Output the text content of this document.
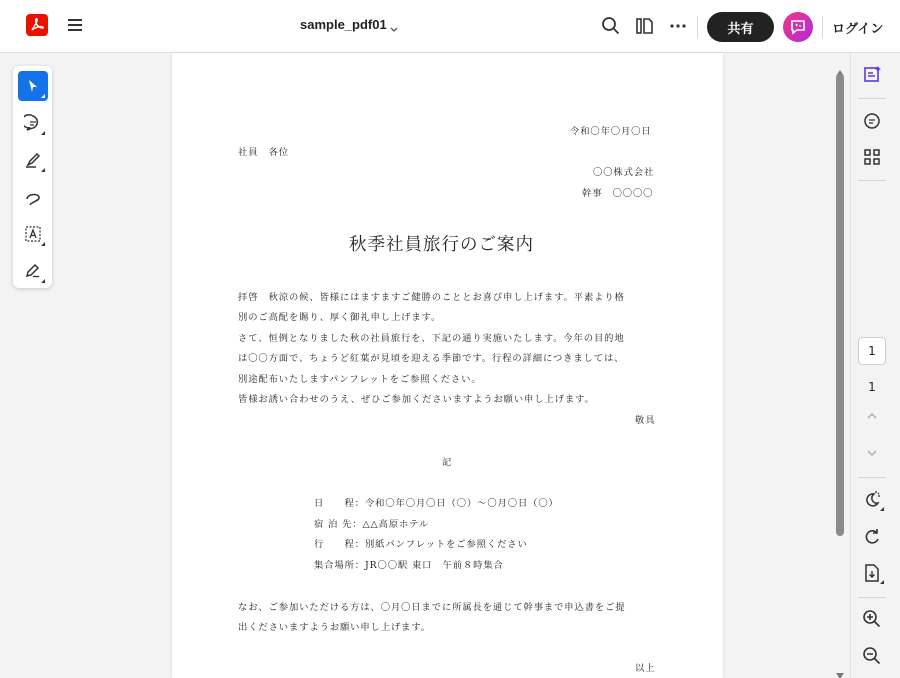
sample_pdf01	共有	ログイン
令和〇年〇月〇日
社員　各位
〇〇株式会社
幹事　〇〇〇〇
秋季社員旅行のご案内
拝啓　秋涼の候、皆様にはますますご健勝のこととお喜び申し上げます。平素より格
別のご高配を賜り、厚く御礼申し上げます。
さて、恒例となりました秋の社員旅行を、下記の通り実施いたします。今年の目的地
は〇〇方面で、ちょうど紅葉が見頃を迎える季節です。行程の詳細につきましては、
別途配布いたしますパンフレットをご参照ください。
皆様お誘い合わせのうえ、ぜひご参加くださいますようお願い申し上げます。
敬具
記
日　　程：令和〇年〇月〇日（〇）～〇月〇日（〇）
宿 泊 先：△△高原ホテル
行　　程：別紙パンフレットをご参照ください
集合場所：JR〇〇駅 東口　午前８時集合
なお、ご参加いただける方は、〇月〇日までに所属長を通じて幹事まで申込書をご提
出くださいますようお願い申し上げます。
以上
1
1
